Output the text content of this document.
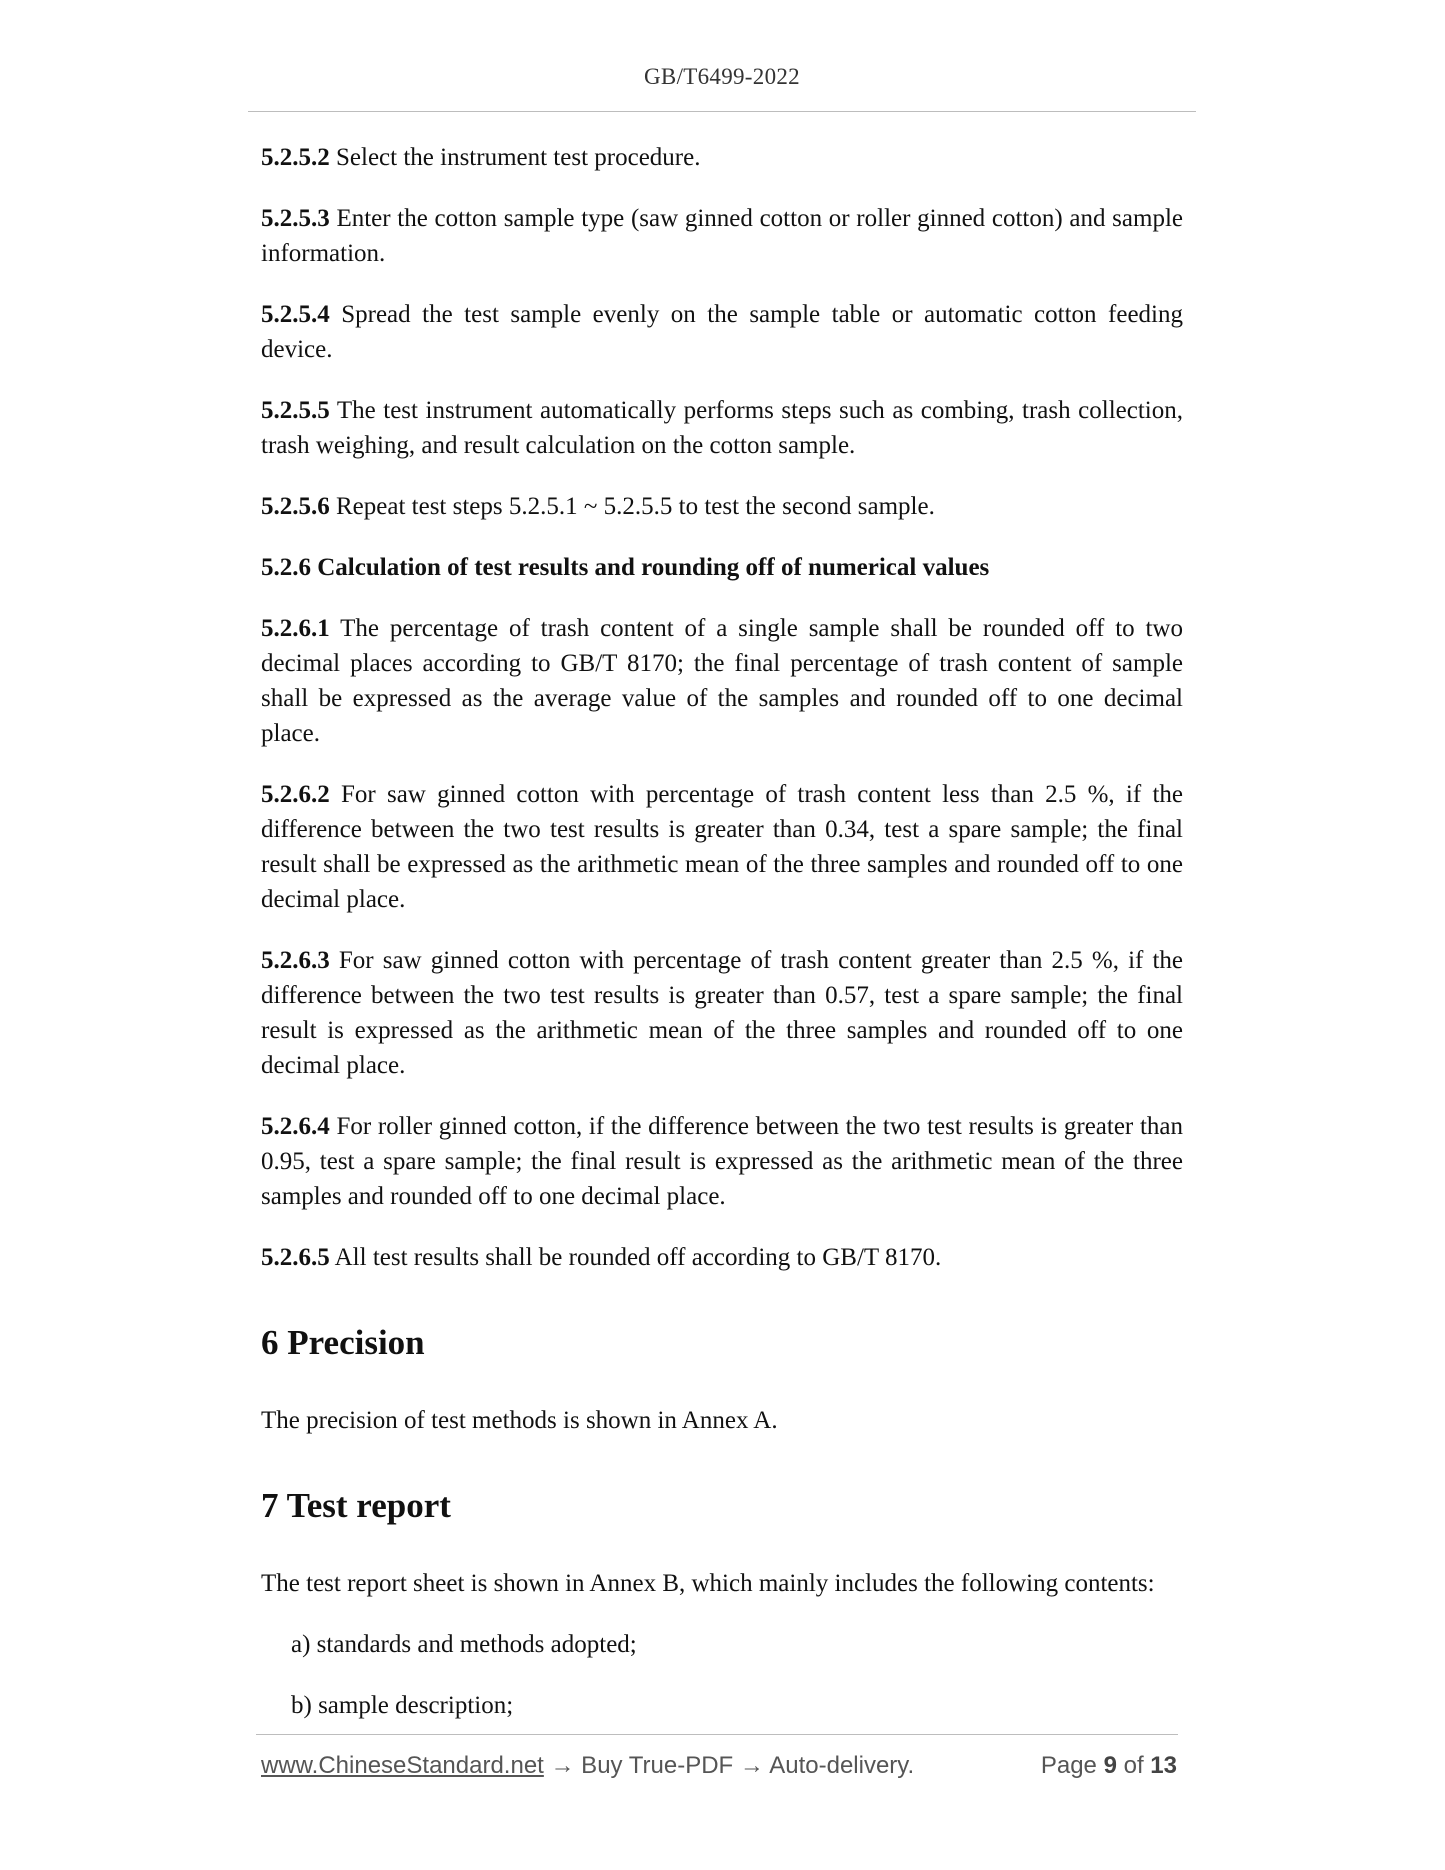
GB/T6499-2022

5.2.5.2 Select the instrument test procedure.

5.2.5.3 Enter the cotton sample type (saw ginned cotton or roller ginned cotton) and sample information.

5.2.5.4 Spread the test sample evenly on the sample table or automatic cotton feeding device.

5.2.5.5 The test instrument automatically performs steps such as combing, trash collection, trash weighing, and result calculation on the cotton sample.

5.2.5.6 Repeat test steps 5.2.5.1 ~ 5.2.5.5 to test the second sample.

5.2.6 Calculation of test results and rounding off of numerical values

5.2.6.1 The percentage of trash content of a single sample shall be rounded off to two decimal places according to GB/T 8170; the final percentage of trash content of sample shall be expressed as the average value of the samples and rounded off to one decimal place.

5.2.6.2 For saw ginned cotton with percentage of trash content less than 2.5 %, if the difference between the two test results is greater than 0.34, test a spare sample; the final result shall be expressed as the arithmetic mean of the three samples and rounded off to one decimal place.

5.2.6.3 For saw ginned cotton with percentage of trash content greater than 2.5 %, if the difference between the two test results is greater than 0.57, test a spare sample; the final result is expressed as the arithmetic mean of the three samples and rounded off to one decimal place.

5.2.6.4 For roller ginned cotton, if the difference between the two test results is greater than 0.95, test a spare sample; the final result is expressed as the arithmetic mean of the three samples and rounded off to one decimal place.

5.2.6.5 All test results shall be rounded off according to GB/T 8170.

6 Precision

The precision of test methods is shown in Annex A.

7 Test report

The test report sheet is shown in Annex B, which mainly includes the following contents:

a) standards and methods adopted;

b) sample description;

www.ChineseStandard.net → Buy True-PDF → Auto-delivery.	Page 9 of 13
